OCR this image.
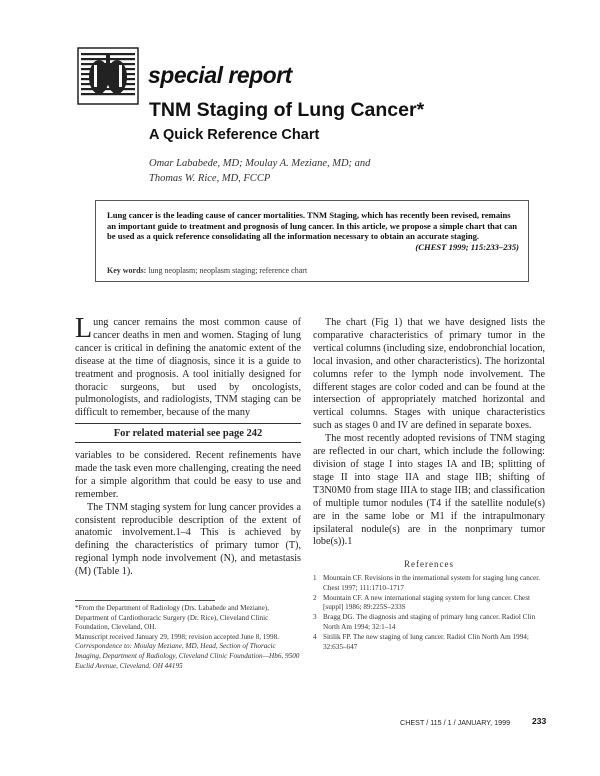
special report
TNM Staging of Lung Cancer*
A Quick Reference Chart
Omar Lababede, MD; Moulay A. Meziane, MD; and
Thomas W. Rice, MD, FCCP
Lung cancer is the leading cause of cancer mortalities. TNM Staging, which has recently been revised, remains an important guide to treatment and prognosis of lung cancer. In this article, we propose a simple chart that can be used as a quick reference consolidating all the information necessary to obtain an accurate staging.
(CHEST 1999; 115:233–235)
Key words: lung neoplasm; neoplasm staging; reference chart

L ung cancer remains the most common cause of cancer deaths in men and women. Staging of lung cancer is critical in defining the anatomic extent of the disease at the time of diagnosis, since it is a guide to treatment and prognosis. A tool initially designed for thoracic surgeons, but used by oncologists, pulmonologists, and radiologists, TNM staging can be difficult to remember, because of the many

For related material see page 242

variables to be considered. Recent refinements have made the task even more challenging, creating the need for a simple algorithm that could be easy to use and remember.

The TNM staging system for lung cancer provides a consistent reproducible description of the extent of anatomic involvement.1–4 This is achieved by defining the characteristics of primary tumor (T), regional lymph node involvement (N), and metastasis (M) (Table 1).

The chart (Fig 1) that we have designed lists the comparative characteristics of primary tumor in the vertical columns (including size, endobronchial location, local invasion, and other characteristics). The horizontal columns refer to the lymph node involvement. The different stages are color coded and can be found at the intersection of appropriately matched horizontal and vertical columns. Stages with unique characteristics such as stages 0 and IV are defined in separate boxes.

The most recently adopted revisions of TNM staging are reflected in our chart, which include the following: division of stage I into stages IA and IB; splitting of stage II into stage IIA and stage IIB; shifting of T3N0M0 from stage IIIA to stage IIB; and classification of multiple tumor nodules (T4 if the satellite nodule(s) are in the same lobe or M1 if the intrapulmonary ipsilateral nodule(s) are in the nonprimary tumor lobe(s)).1

*From the Department of Radiology (Drs. Lababede and Meziane), Department of Cardiothoracic Surgery (Dr. Rice), Cleveland Clinic Foundation, Cleveland, OH.

Manuscript received January 29, 1998; revision accepted June 8, 1998.

Correspondence to: Moulay Meziane, MD, Head, Section of Thoracic Imaging, Department of Radiology, Cleveland Clinic Foundation—Hb6, 9500 Euclid Avenue, Cleveland, OH 44195

References
1 Mountain CF. Revisions in the international system for staging lung cancer. Chest 1997; 111:1710–1717
2 Mountain CF. A new international staging system for lung cancer. Chest [suppl] 1986; 89:225S–233S
3 Bragg DG. The diagnosis and staging of primary lung cancer. Radiol Clin North Am 1994; 32:1–14
4 Sitilik FP. The new staging of lung cancer. Radiol Clin North Am 1994; 32:635–647
CHEST / 115 / 1 / JANUARY, 1999	233
